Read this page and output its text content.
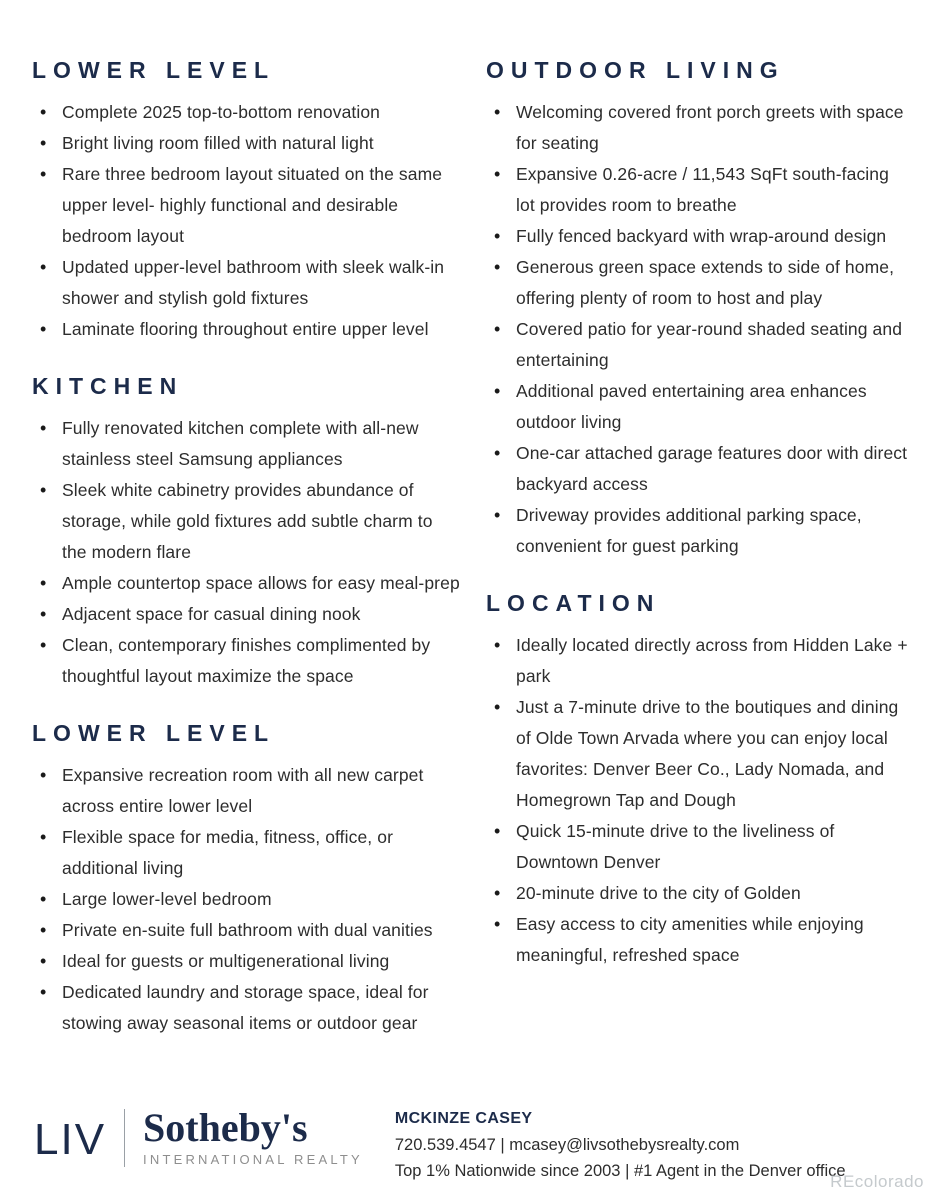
LOWER LEVEL
• Complete 2025 top-to-bottom renovation
• Bright living room filled with natural light
• Rare three bedroom layout situated on the same upper level- highly functional and desirable bedroom layout
• Updated upper-level bathroom with sleek walk-in shower and stylish gold fixtures
• Laminate flooring throughout entire upper level
KITCHEN
• Fully renovated kitchen complete with all-new stainless steel Samsung appliances
• Sleek white cabinetry provides abundance of storage, while gold fixtures add subtle charm to the modern flare
• Ample countertop space allows for easy meal-prep
• Adjacent space for casual dining nook
• Clean, contemporary finishes complimented by thoughtful layout maximize the space
LOWER LEVEL
• Expansive recreation room with all new carpet across entire lower level
• Flexible space for media, fitness, office, or additional living
• Large lower-level bedroom
• Private en-suite full bathroom with dual vanities
• Ideal for guests or multigenerational living
• Dedicated laundry and storage space, ideal for stowing away seasonal items or outdoor gear
OUTDOOR LIVING
• Welcoming covered front porch greets with space for seating
• Expansive 0.26-acre / 11,543 SqFt south-facing lot provides room to breathe
• Fully fenced backyard with wrap-around design
• Generous green space extends to side of home, offering plenty of room to host and play
• Covered patio for year-round shaded seating and entertaining
• Additional paved entertaining area enhances outdoor living
• One-car attached garage features door with direct backyard access
• Driveway provides additional parking space, convenient for guest parking
LOCATION
• Ideally located directly across from Hidden Lake + park
• Just a 7-minute drive to the boutiques and dining of Olde Town Arvada where you can enjoy local favorites: Denver Beer Co., Lady Nomada, and Homegrown Tap and Dough
• Quick 15-minute drive to the liveliness of Downtown Denver
• 20-minute drive to the city of Golden
• Easy access to city amenities while enjoying meaningful, refreshed space
LIV Sotheby's
INTERNATIONAL REALTY
MCKINZE CASEY
720.539.4547 | mcasey@livsothebysrealty.com
Top 1% Nationwide since 2003 | #1 Agent in the Denver office
REcolorado
